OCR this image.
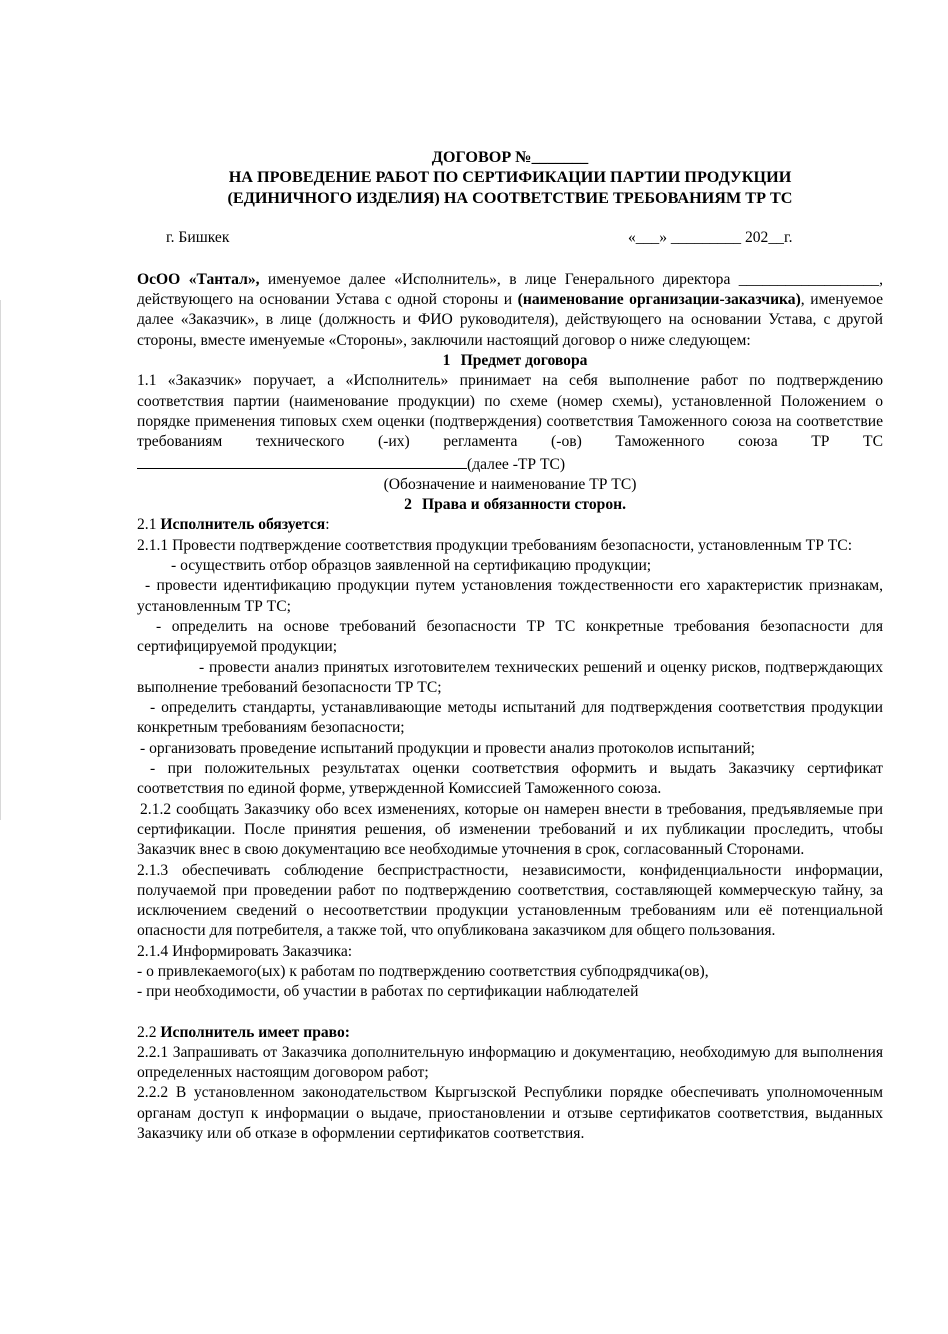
ДОГОВОР №_______
НА ПРОВЕДЕНИЕ РАБОТ ПО СЕРТИФИКАЦИИ ПАРТИИ ПРОДУКЦИИ
(ЕДИНИЧНОГО ИЗДЕЛИЯ) НА СООТВЕТСТВИЕ ТРЕБОВАНИЯМ ТР ТС
г. Бишкек	«___» _________ 202__г.

ОсОО «Тантал», именуемое далее «Исполнитель», в лице Генерального директора __________________, действующего на основании Устава с одной стороны и (наименование организации-заказчика), именуемое далее «Заказчик», в лице (должность и ФИО руководителя), действующего на основании Устава, с другой стороны, вместе именуемые «Стороны», заключили настоящий договор о ниже следующем:

1 Предмет договора

1.1 «Заказчик» поручает, а «Исполнитель» принимает на себя выполнение работ по подтверждению соответствия партии (наименование продукции) по схеме (номер схемы), установленной Положением о порядке применения типовых схем оценки (подтверждения) соответствия Таможенного союза на соответствие требованиям технического (-их) регламента (-ов) Таможенного союза ТР ТС (далее -ТР ТС)

(Обозначение и наименование ТР ТС)
2 Права и обязанности сторон.

2.1 Исполнитель обязуется:

2.1.1 Провести подтверждение соответствия продукции требованиям безопасности, установленным ТР ТС:

- осуществить отбор образцов заявленной на сертификацию продукции;

- провести идентификацию продукции путем установления тождественности его характеристик признакам, установленным ТР ТС;

- определить на основе требований безопасности ТР ТС конкретные требования безопасности для сертифицируемой продукции;

- провести анализ принятых изготовителем технических решений и оценку рисков, подтверждающих выполнение требований безопасности ТР ТС;

- определить стандарты, устанавливающие методы испытаний для подтверждения соответствия продукции конкретным требованиям безопасности;

- организовать проведение испытаний продукции и провести анализ протоколов испытаний;

- при положительных результатах оценки соответствия оформить и выдать Заказчику сертификат соответствия по единой форме, утвержденной Комиссией Таможенного союза.

2.1.2 сообщать Заказчику обо всех изменениях, которые он намерен внести в требования, предъявляемые при сертификации. После принятия решения, об изменении требований и их публикации проследить, чтобы Заказчик внес в свою документацию все необходимые уточнения в срок, согласованный Сторонами.

2.1.3 обеспечивать соблюдение беспристрастности, независимости, конфиденциальности информации, получаемой при проведении работ по подтверждению соответствия, составляющей коммерческую тайну, за исключением сведений о несоответствии продукции установленным требованиям или её потенциальной опасности для потребителя, а также той, что опубликована заказчиком для общего пользования.

2.1.4 Информировать Заказчика:

- о привлекаемого(ых) к работам по подтверждению соответствия субподрядчика(ов),

- при необходимости, об участии в работах по сертификации наблюдателей

2.2 Исполнитель имеет право:

2.2.1 Запрашивать от Заказчика дополнительную информацию и документацию, необходимую для выполнения определенных настоящим договором работ;

2.2.2 В установленном законодательством Кыргызской Республики порядке обеспечивать уполномоченным органам доступ к информации о выдаче, приостановлении и отзыве сертификатов соответствия, выданных Заказчику или об отказе в оформлении сертификатов соответствия.
